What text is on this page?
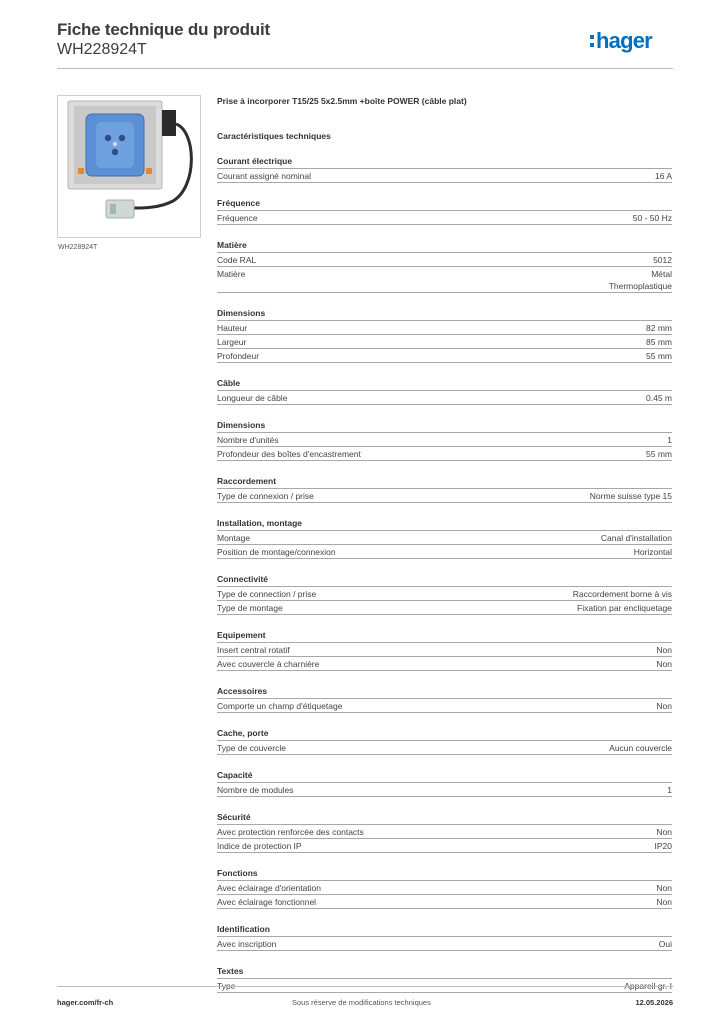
Fiche technique du produit
WH228924T	hager
WH228924T
Prise à incorporer T15/25 5x2.5mm +boîte POWER (câble plat)
Caractéristiques techniques
Courant électrique
Courant assigné nominal	16 A
Fréquence
Fréquence	50 - 50 Hz
Matière
Code RAL	5012
Matière	Métal
Thermoplastique
Dimensions
Hauteur	82 mm
Largeur	85 mm
Profondeur	55 mm
Câble
Longueur de câble	0.45 m
Dimensions
Nombre d'unités	1
Profondeur des boîtes d'encastrement	55 mm
Raccordement
Type de connexion / prise	Norme suisse type 15
Installation, montage
Montage	Canal d'installation
Position de montage/connexion	Horizontal
Connectivité
Type de connection / prise	Raccordement borne à vis
Type de montage	Fixation par encliquetage
Equipement
Insert central rotatif	Non
Avec couvercle à charnière	Non
Accessoires
Comporte un champ d'étiquetage	Non
Cache, porte
Type de couvercle	Aucun couvercle
Capacité
Nombre de modules	1
Sécurité
Avec protection renforcée des contacts	Non
Indice de protection IP	IP20
Fonctions
Avec éclairage d'orientation	Non
Avec éclairage fonctionnel	Non
Identification
Avec inscription	Oui
Textes
Type	Appareil gr. I
hager.com/fr-ch	Sous réserve de modifications techniques	12.05.2026
